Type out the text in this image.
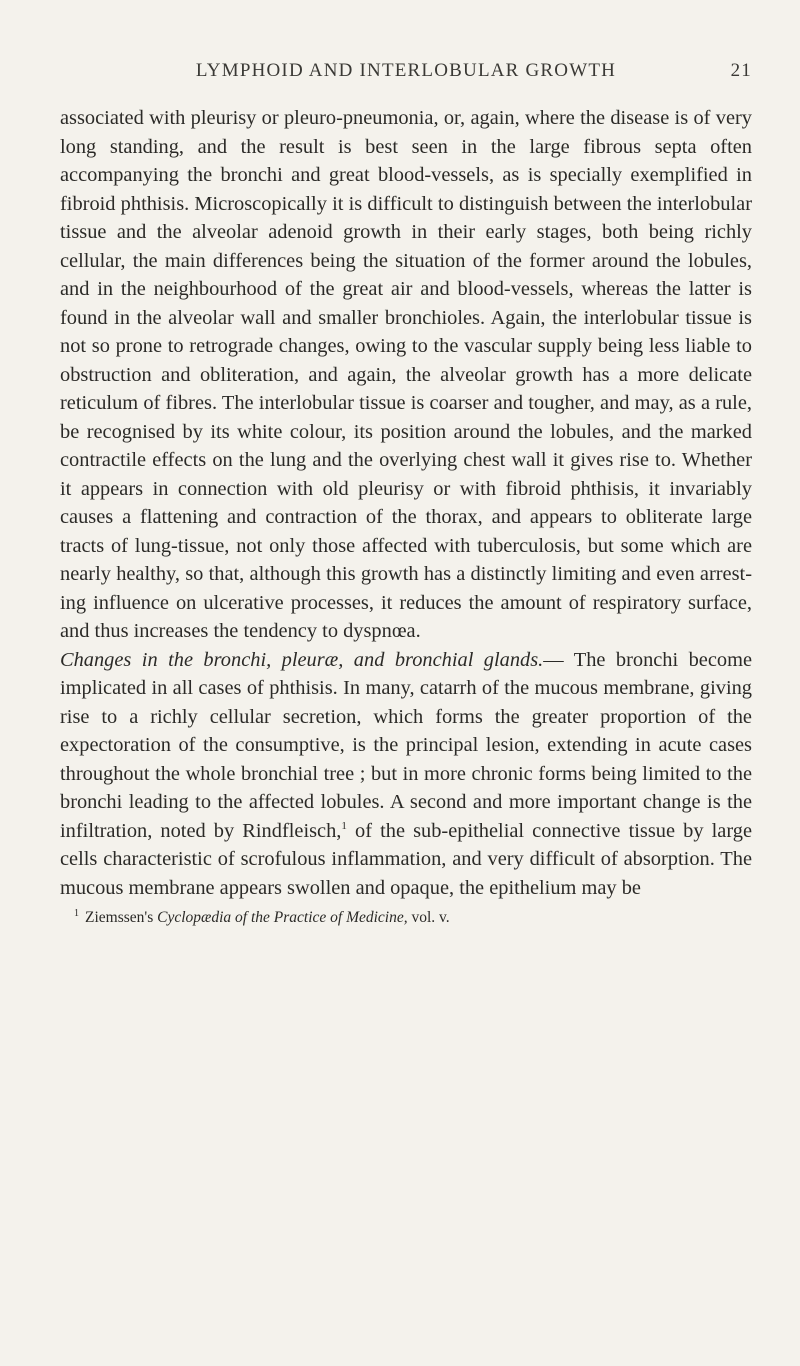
LYMPHOID AND INTERLOBULAR GROWTH	21

associated with pleurisy or pleuro-pneumonia, or, again, where the disease is of very long standing, and the result is best seen in the large fibrous septa often accompanying the bronchi and great blood-vessels, as is specially exemplified in fibroid phthisis. Microscopically it is difficult to distinguish between the interlobular tissue and the alveolar adenoid growth in their early stages, both being richly cellular, the main differences being the situation of the former around the lobules, and in the neighbourhood of the great air and blood-vessels, whereas the latter is found in the alveolar wall and smaller bronchioles. Again, the interlobular tissue is not so prone to retrograde changes, owing to the vascular supply being less liable to obstruction and obliteration, and again, the alveolar growth has a more delicate reticulum of fibres. The interlobular tissue is coarser and tougher, and may, as a rule, be recognised by its white colour, its position around the lobules, and the marked contractile effects on the lung and the overlying chest wall it gives rise to. Whether it appears in connection with old pleurisy or with fibroid phthisis, it invariably causes a flattening and contraction of the thorax, and appears to obliterate large tracts of lung-tissue, not only those affected with tuberculosis, but some which are nearly healthy, so that, although this growth has a distinctly limiting and even arrest-ing influence on ulcerative processes, it reduces the amount of respiratory surface, and thus increases the tendency to dyspnœa.

Changes in the bronchi, pleuræ, and bronchial glands.— The bronchi become implicated in all cases of phthisis. In many, catarrh of the mucous membrane, giving rise to a richly cellular secretion, which forms the greater proportion of the expectoration of the consumptive, is the principal lesion, extending in acute cases throughout the whole bronchial tree ; but in more chronic forms being limited to the bronchi leading to the affected lobules. A second and more important change is the infiltration, noted by Rindfleisch,$^1$ of the sub-epithelial connective tissue by large cells characteristic of scrofulous inflammation, and very difficult of absorption. The mucous membrane appears swollen and opaque, the epithelium may be

$^1$ Ziemssen's Cyclopædia of the Practice of Medicine, vol. v.
